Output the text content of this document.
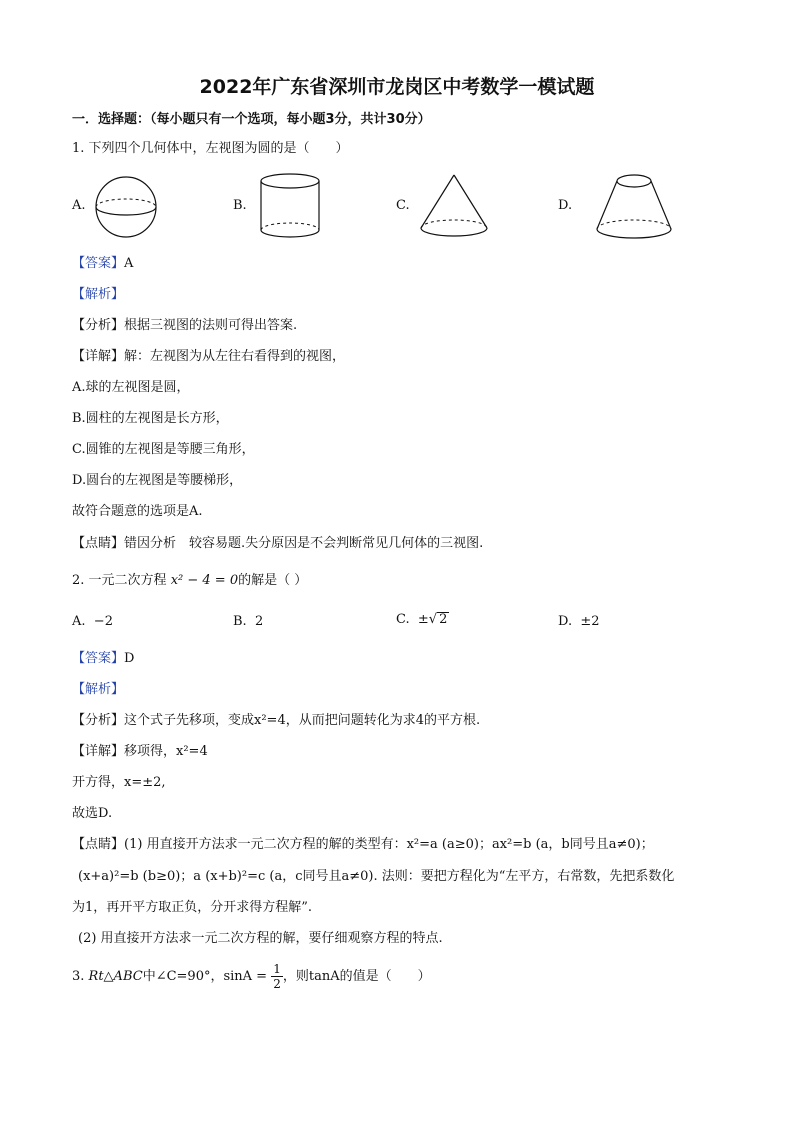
2022年广东省深圳市龙岗区中考数学一模试题
一．选择题：（每小题只有一个选项，每小题3分，共计30分）
1. 下列四个几何体中，左视图为圆的是（　　）
A.	B.	C.	D.
【答案】A
【解析】
【分析】根据三视图的法则可得出答案.
【详解】解：左视图为从左往右看得到的视图，
A.球的左视图是圆，
B.圆柱的左视图是长方形，
C.圆锥的左视图是等腰三角形，
D.圆台的左视图是等腰梯形，
故符合题意的选项是A.
【点睛】错因分析　较容易题.失分原因是不会判断常见几何体的三视图.
2. 一元二次方程 x² − 4 = 0的解是（ ）
A. −2	B. 2	C. ±√ 2	D. ±2
【答案】D
【解析】
【分析】这个式子先移项，变成x²=4，从而把问题转化为求4的平方根.
【详解】移项得，x²=4
开方得，x=±2,
故选D.
【点睛】(1) 用直接开方法求一元二次方程的解的类型有：x²=a (a≥0)；ax²=b (a，b同号且a≠0)；
(x+a)²=b (b≥0)；a (x+b)²=c (a，c同号且a≠0). 法则：要把方程化为“左平方，右常数，先把系数化
为1，再开平方取正负，分开求得方程解”.
(2) 用直接开方法求一元二次方程的解，要仔细观察方程的特点.
3. Rt△ABC中∠C=90°，$\sin A = \frac{1}{2}$ ，则tanA的值是（　　）
